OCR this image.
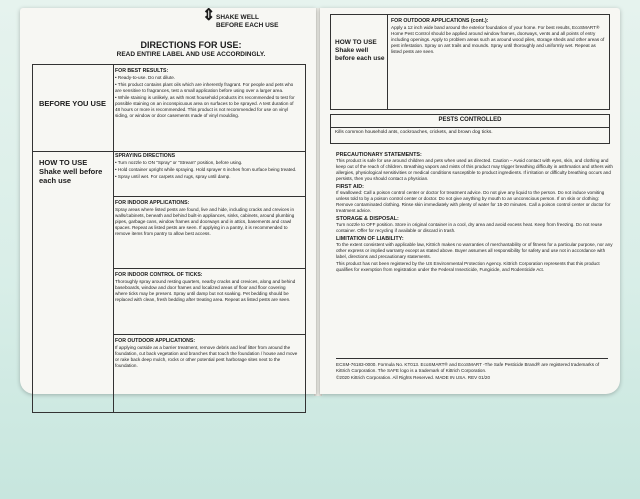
⇕ SHAKE WELL
BEFORE EACH USE
DIRECTIONS FOR USE:
READ ENTIRE LABEL AND USE ACCORDINGLY.
BEFORE YOU USE
FOR BEST RESULTS:

• Ready-to-use. Do not dilute.

• This product contains plant oils which are inherently fragrant. For people and pets who are sensitive to fragrances, test a small application before using over a larger area.

• While staining is unlikely, as with most household products it's recommended to test for possible staining on an inconspicuous area on surfaces to be sprayed. A test duration of 48 hours or more is recommended. This product is not recommended for use on vinyl siding, or window or door casements made of vinyl moulding.

HOW TO USE Shake well before each use
SPRAYING DIRECTIONS

• Turn nozzle to ON "Spray" or "Stream" position, before using.

• Hold container upright while spraying. Hold sprayer 6 inches from surface being treated.

• Spray until wet. For carpets and rugs, spray until damp.

FOR INDOOR APPLICATIONS:

Spray areas where listed pests are found, live and hide, including cracks and crevices in walls/cabinets, beneath and behind built-in appliances, sinks, cabinets, around plumbing pipes, garbage cans, window frames and doorways and in attics, basements and crawl spaces. Repeat as listed pests are seen. If applying in a pantry, it is recommended to remove items from pantry to allow best access.

FOR INDOOR CONTROL OF TICKS:

Thoroughly spray around resting quarters, nearby cracks and crevices, along and behind baseboards, window and door frames and localized areas of floor and floor covering where ticks may be present. Spray until damp but not soaking. Pet bedding should be replaced with clean, fresh bedding after treating area. Repeat as listed pests are seen.

FOR OUTDOOR APPLICATIONS:

If applying outside as a barrier treatment, remove debris and leaf litter from around the foundation, cut back vegetation and branches that touch the foundation / house and move or rake back deep mulch, rocks or other potential pest harborage sites next to the foundation.

HOW TO USE Shake well before each use
FOR OUTDOOR APPLICATIONS (cont.):

Apply a 12 inch wide band around the exterior foundation of your home. For best results, EcoSMART® Home Pest Control should be applied around window frames, doorways, vents and all points of entry including openings. Apply to problem areas such as around wood piles, storage sheds and other areas of pest infestation. Spray on ant trails and mounds. Spray until thoroughly and uniformly wet. Repeat as listed pests are seen.

PESTS CONTROLLED
Kills common household ants, cockroaches, crickets, and brown dog ticks.
PRECAUTIONARY STATEMENTS:

This product is safe for use around children and pets when used as directed. Caution – Avoid contact with eyes, skin, and clothing and keep out of the reach of children. Breathing vapors and mists of this product may trigger breathing difficulty in asthmatics and others with allergies, physiological sensitivities or medical conditions susceptible to product ingredients. If irritation or difficulty breathing occurs and persists, then you should contact a physician.

FIRST AID:

If swallowed: Call a poison control center or doctor for treatment advice. Do not give any liquid to the person. Do not induce vomiting unless told to by a poison control center or doctor. Do not give anything by mouth to an unconscious person. If on skin or clothing: Remove contaminated clothing. Rinse skin immediately with plenty of water for 15-20 minutes. Call a poison control center or doctor for treatment advice.

STORAGE & DISPOSAL:

Turn nozzle to OFF position. Store in original container in a cool, dry area and avoid excess heat. Keep from freezing. Do not reuse container. Offer for recycling if available or discard in trash.

LIMITATION OF LIABILITY:

To the extent consistent with applicable law, Kittrich makes no warranties of merchantability or of fitness for a particular purpose, nor any other express or implied warranty except as stated above. Buyer assumes all responsibility for safety and use not in accordance with label, directions and precautionary statements.

This product has not been registered by the US Environmental Protection Agency. Kittrich Corporation represents that this product qualifies for exemption from registration under the Federal Insecticide, Fungicide, and Rodenticide Act.

ECSM-76183-0000. Formula No. KT013. EcoSMART® and EcoSMART -The Safe Pesticide Brand® are registered trademarks of Kittrich Corporation. The SAFE logo is a trademark of Kittrich Corporation.

©2020 Kittrich Corporation. All Rights Reserved. MADE IN USA. REV 01/20
